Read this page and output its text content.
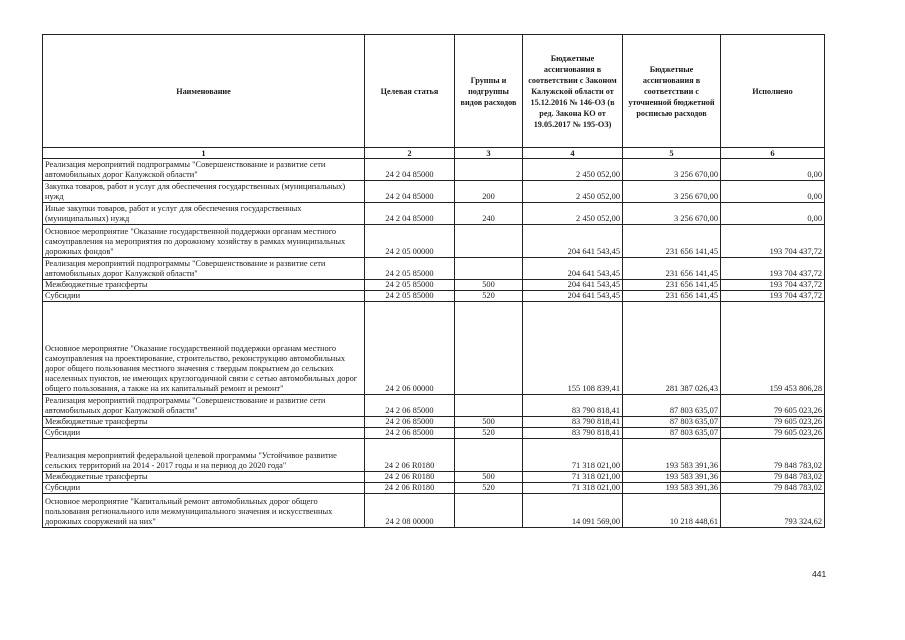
Наименование	Целевая статья	Группы и подгруппы видов расходов	Бюджетные ассигнования в соответствии с Законом Калужской области от 15.12.2016 № 146-ОЗ (в ред. Закона КО от 19.05.2017 № 195-ОЗ)	Бюджетные ассигнования в соответствии с уточненной бюджетной росписью расходов	Исполнено
1	2	3	4	5	6
Реализация мероприятий подпрограммы "Совершенствование и развитие сети автомобильных дорог Калужской области"	24 2 04 85000		2 450 052,00	3 256 670,00	0,00
Закупка товаров, работ и услуг для обеспечения государственных (муниципальных) нужд	24 2 04 85000	200	2 450 052,00	3 256 670,00	0,00
Иные закупки товаров, работ и услуг для обеспечения государственных (муниципальных) нужд	24 2 04 85000	240	2 450 052,00	3 256 670,00	0,00
Основное мероприятие "Оказание государственной поддержки органам местного самоуправления на мероприятия по дорожному хозяйству в рамках муниципальных дорожных фондов"	24 2 05 00000		204 641 543,45	231 656 141,45	193 704 437,72
Реализация мероприятий подпрограммы "Совершенствование и развитие сети автомобильных дорог Калужской области"	24 2 05 85000		204 641 543,45	231 656 141,45	193 704 437,72
Межбюджетные трансферты	24 2 05 85000	500	204 641 543,45	231 656 141,45	193 704 437,72
Субсидии	24 2 05 85000	520	204 641 543,45	231 656 141,45	193 704 437,72
Основное мероприятие "Оказание государственной поддержки органам местного самоуправления на проектирование, строительство, реконструкцию автомобильных дорог общего пользования местного значения с твердым покрытием до сельских населенных пунктов, не имеющих круглогодичной связи с сетью автомобильных дорог общего пользования, а также на их капитальный ремонт и ремонт"	24 2 06 00000		155 108 839,41	281 387 026,43	159 453 806,28
Реализация мероприятий подпрограммы "Совершенствование и развитие сети автомобильных дорог Калужской области"	24 2 06 85000		83 790 818,41	87 803 635,07	79 605 023,26
Межбюджетные трансферты	24 2 06 85000	500	83 790 818,41	87 803 635,07	79 605 023,26
Субсидии	24 2 06 85000	520	83 790 818,41	87 803 635,07	79 605 023,26
Реализация мероприятий федеральной целевой программы "Устойчивое развитие сельских территорий на 2014 - 2017 годы и на период до 2020 года"	24 2 06 R0180		71 318 021,00	193 583 391,36	79 848 783,02
Межбюджетные трансферты	24 2 06 R0180	500	71 318 021,00	193 583 391,36	79 848 783,02
Субсидии	24 2 06 R0180	520	71 318 021,00	193 583 391,36	79 848 783,02
Основное мероприятие "Капитальный ремонт автомобильных дорог общего пользования регионального или межмуниципального значения и искусственных дорожных сооружений на них"	24 2 08 00000		14 091 569,00	10 218 448,61	793 324,62
441
